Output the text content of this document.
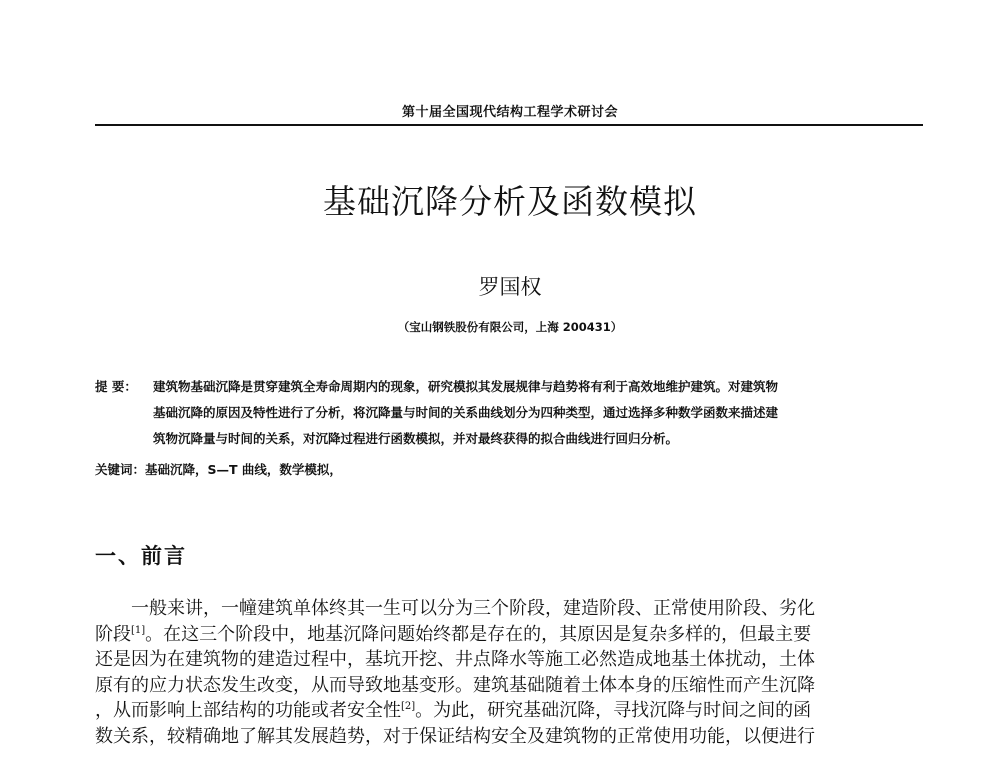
第十届全国现代结构工程学术研讨会
基础沉降分析及函数模拟
罗国权
（宝山钢铁股份有限公司，上海 200431）
提 要： 建筑物基础沉降是贯穿建筑全寿命周期内的现象，研究模拟其发展规律与趋势将有利于高效地维护建筑。对建筑物
基础沉降的原因及特性进行了分析，将沉降量与时间的关系曲线划分为四种类型，通过选择多种数学函数来描述建
筑物沉降量与时间的关系，对沉降过程进行函数模拟，并对最终获得的拟合曲线进行回归分析。
关键词：基础沉降，S—T 曲线，数学模拟，
一、前言
一般来讲，一幢建筑单体终其一生可以分为三个阶段，建造阶段、正常使用阶段、劣化
阶段[1]。在这三个阶段中，地基沉降问题始终都是存在的，其原因是复杂多样的，但最主要
还是因为在建筑物的建造过程中，基坑开挖、井点降水等施工必然造成地基土体扰动，土体
原有的应力状态发生改变，从而导致地基变形。建筑基础随着土体本身的压缩性而产生沉降
，从而影响上部结构的功能或者安全性[2]。为此，研究基础沉降，寻找沉降与时间之间的函
数关系，较精确地了解其发展趋势，对于保证结构安全及建筑物的正常使用功能，以便进行
